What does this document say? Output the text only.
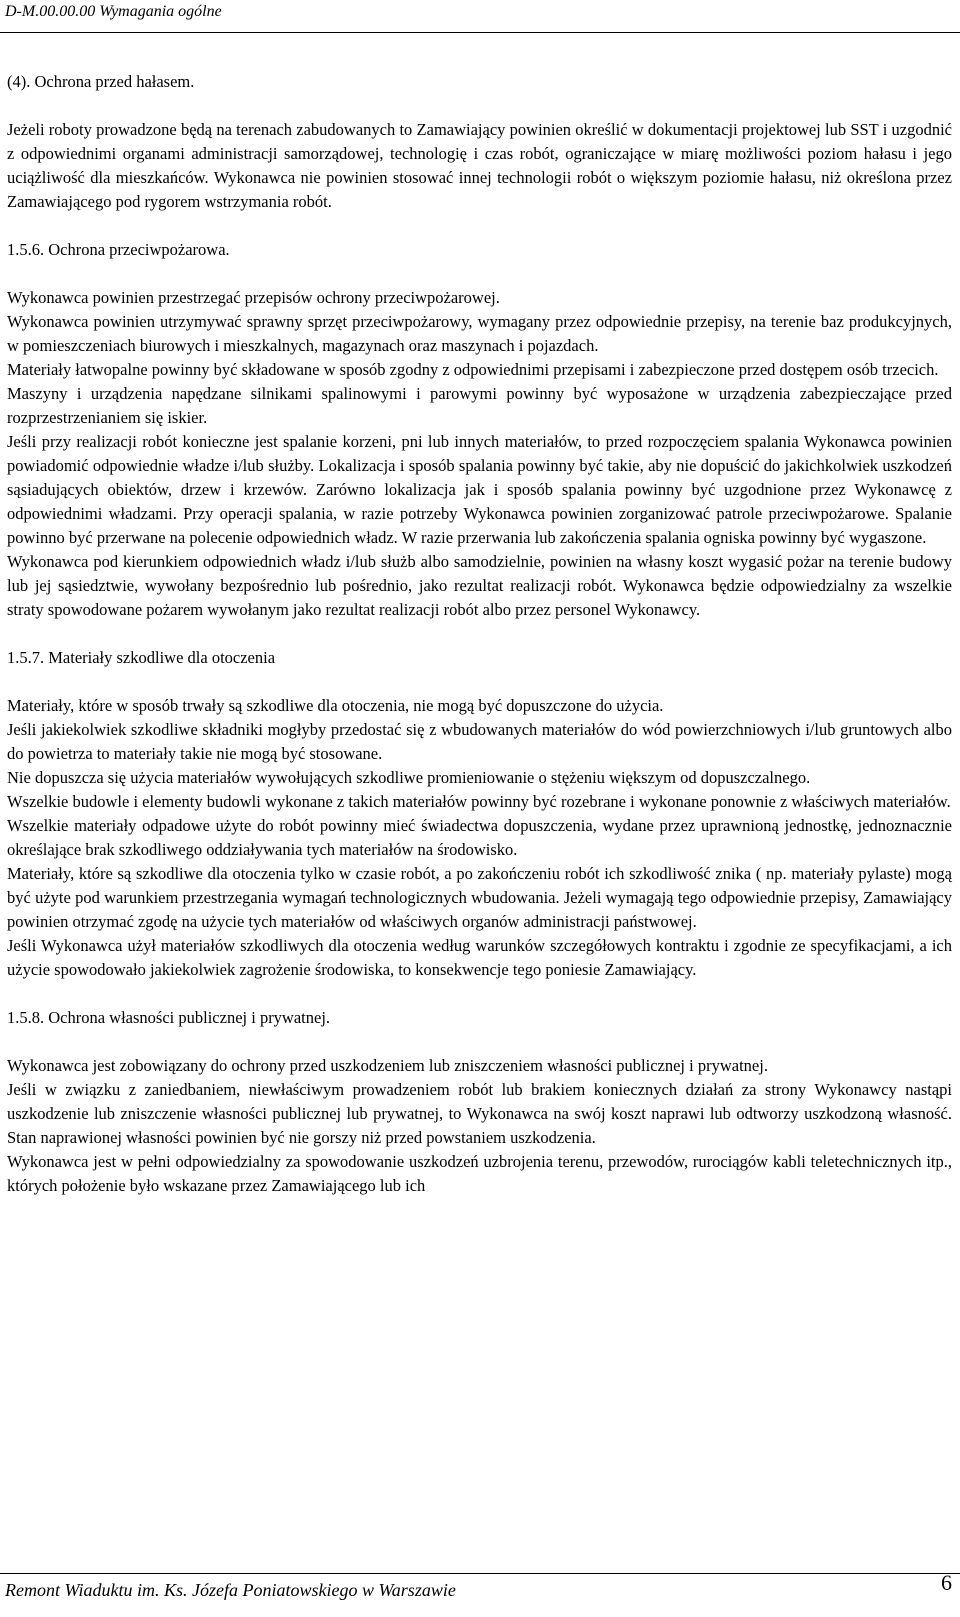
D-M.00.00.00 Wymagania ogólne

(4). Ochrona przed hałasem.

Jeżeli roboty prowadzone będą na terenach zabudowanych to Zamawiający powinien określić w dokumentacji projektowej lub SST i uzgodnić z odpowiednimi organami administracji samorządowej, technologię i czas robót, ograniczające w miarę możliwości poziom hałasu i jego uciążliwość dla mieszkańców. Wykonawca nie powinien stosować innej technologii robót o większym poziomie hałasu, niż określona przez Zamawiającego pod rygorem wstrzymania robót.

1.5.6. Ochrona przeciwpożarowa.

Wykonawca powinien przestrzegać przepisów ochrony przeciwpożarowej.

Wykonawca powinien utrzymywać sprawny sprzęt przeciwpożarowy, wymagany przez odpowiednie przepisy, na terenie baz produkcyjnych, w pomieszczeniach biurowych i mieszkalnych, magazynach oraz maszynach i pojazdach.

Materiały łatwopalne powinny być składowane w sposób zgodny z odpowiednimi przepisami i zabezpieczone przed dostępem osób trzecich.

Maszyny i urządzenia napędzane silnikami spalinowymi i parowymi powinny być wyposażone w urządzenia zabezpieczające przed rozprzestrzenianiem się iskier.

Jeśli przy realizacji robót konieczne jest spalanie korzeni, pni lub innych materiałów, to przed rozpoczęciem spalania Wykonawca powinien powiadomić odpowiednie władze i/lub służby. Lokalizacja i sposób spalania powinny być takie, aby nie dopuścić do jakichkolwiek uszkodzeń sąsiadujących obiektów, drzew i krzewów. Zarówno lokalizacja jak i sposób spalania powinny być uzgodnione przez Wykonawcę z odpowiednimi władzami. Przy operacji spalania, w razie potrzeby Wykonawca powinien zorganizować patrole przeciwpożarowe. Spalanie powinno być przerwane na polecenie odpowiednich władz. W razie przerwania lub zakończenia spalania ogniska powinny być wygaszone.

Wykonawca pod kierunkiem odpowiednich władz i/lub służb albo samodzielnie, powinien na własny koszt wygasić pożar na terenie budowy lub jej sąsiedztwie, wywołany bezpośrednio lub pośrednio, jako rezultat realizacji robót. Wykonawca będzie odpowiedzialny za wszelkie straty spowodowane pożarem wywołanym jako rezultat realizacji robót albo przez personel Wykonawcy.

1.5.7. Materiały szkodliwe dla otoczenia

Materiały, które w sposób trwały są szkodliwe dla otoczenia, nie mogą być dopuszczone do użycia.

Jeśli jakiekolwiek szkodliwe składniki mogłyby przedostać się z wbudowanych materiałów do wód powierzchniowych i/lub gruntowych albo do powietrza to materiały takie nie mogą być stosowane.

Nie dopuszcza się użycia materiałów wywołujących szkodliwe promieniowanie o stężeniu większym od dopuszczalnego.

Wszelkie budowle i elementy budowli wykonane z takich materiałów powinny być rozebrane i wykonane ponownie z właściwych materiałów.

Wszelkie materiały odpadowe użyte do robót powinny mieć świadectwa dopuszczenia, wydane przez uprawnioną jednostkę, jednoznacznie określające brak szkodliwego oddziaływania tych materiałów na środowisko.

Materiały, które są szkodliwe dla otoczenia tylko w czasie robót, a po zakończeniu robót ich szkodliwość znika ( np. materiały pylaste) mogą być użyte pod warunkiem przestrzegania wymagań technologicznych wbudowania. Jeżeli wymagają tego odpowiednie przepisy, Zamawiający powinien otrzymać zgodę na użycie tych materiałów od właściwych organów administracji państwowej.

Jeśli Wykonawca użył materiałów szkodliwych dla otoczenia według warunków szczegółowych kontraktu i zgodnie ze specyfikacjami, a ich użycie spowodowało jakiekolwiek zagrożenie środowiska, to konsekwencje tego poniesie Zamawiający.

1.5.8. Ochrona własności publicznej i prywatnej.

Wykonawca jest zobowiązany do ochrony przed uszkodzeniem lub zniszczeniem własności publicznej i prywatnej.

Jeśli w związku z zaniedbaniem, niewłaściwym prowadzeniem robót lub brakiem koniecznych działań za strony Wykonawcy nastąpi uszkodzenie lub zniszczenie własności publicznej lub prywatnej, to Wykonawca na swój koszt naprawi lub odtworzy uszkodzoną własność. Stan naprawionej własności powinien być nie gorszy niż przed powstaniem uszkodzenia.

Wykonawca jest w pełni odpowiedzialny za spowodowanie uszkodzeń uzbrojenia terenu, przewodów, rurociągów kabli teletechnicznych itp., których położenie było wskazane przez Zamawiającego lub ich

Remont Wiaduktu im. Ks. Józefa Poniatowskiego w Warszawie	6
